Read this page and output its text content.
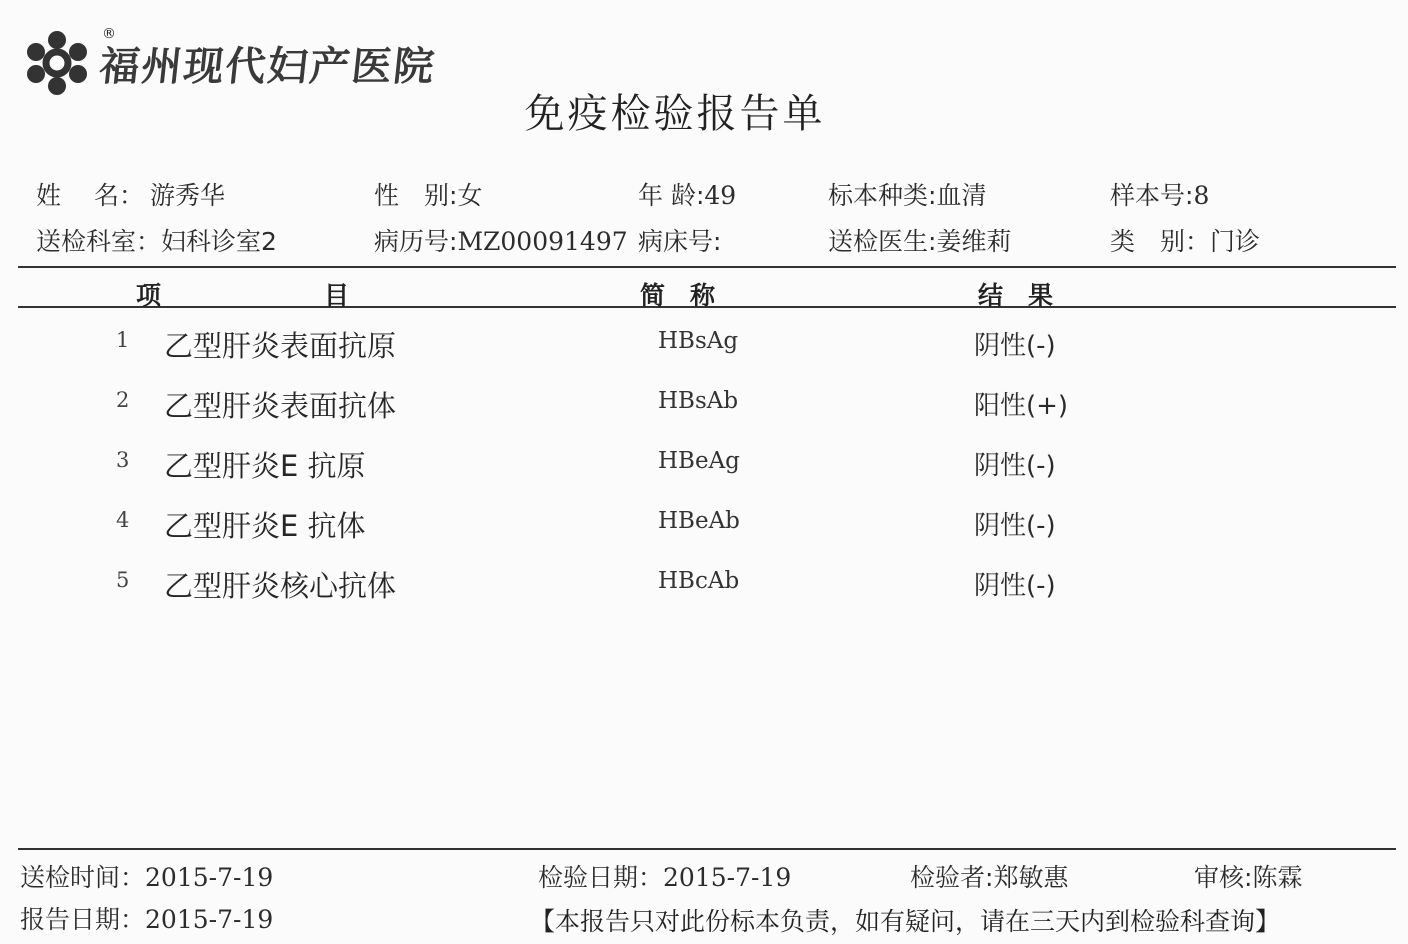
®
福州现代妇产医院
免疫检验报告单
姓　 名： 游秀华	性　别:女	年 龄:49	标本种类:血清	样本号:8
送检科室：妇科诊室2	病历号:MZ00091497 病床号:	送检医生:姜维莉	类　别：门诊
项	目	简　称	结　果
1 乙型肝炎表面抗原	HBsAg	阴性(-)
2 乙型肝炎表面抗体	HBsAb	阳性(+)
3 乙型肝炎E 抗原	HBeAg	阴性(-)
4 乙型肝炎E 抗体	HBeAb	阴性(-)
5 乙型肝炎核心抗体	HBcAb	阴性(-)
送检时间：2015-7-19	检验日期：2015-7-19	检验者:郑敏惠	审核:陈霖
报告日期：2015-7-19	【本报告只对此份标本负责，如有疑问，请在三天内到检验科查询】
